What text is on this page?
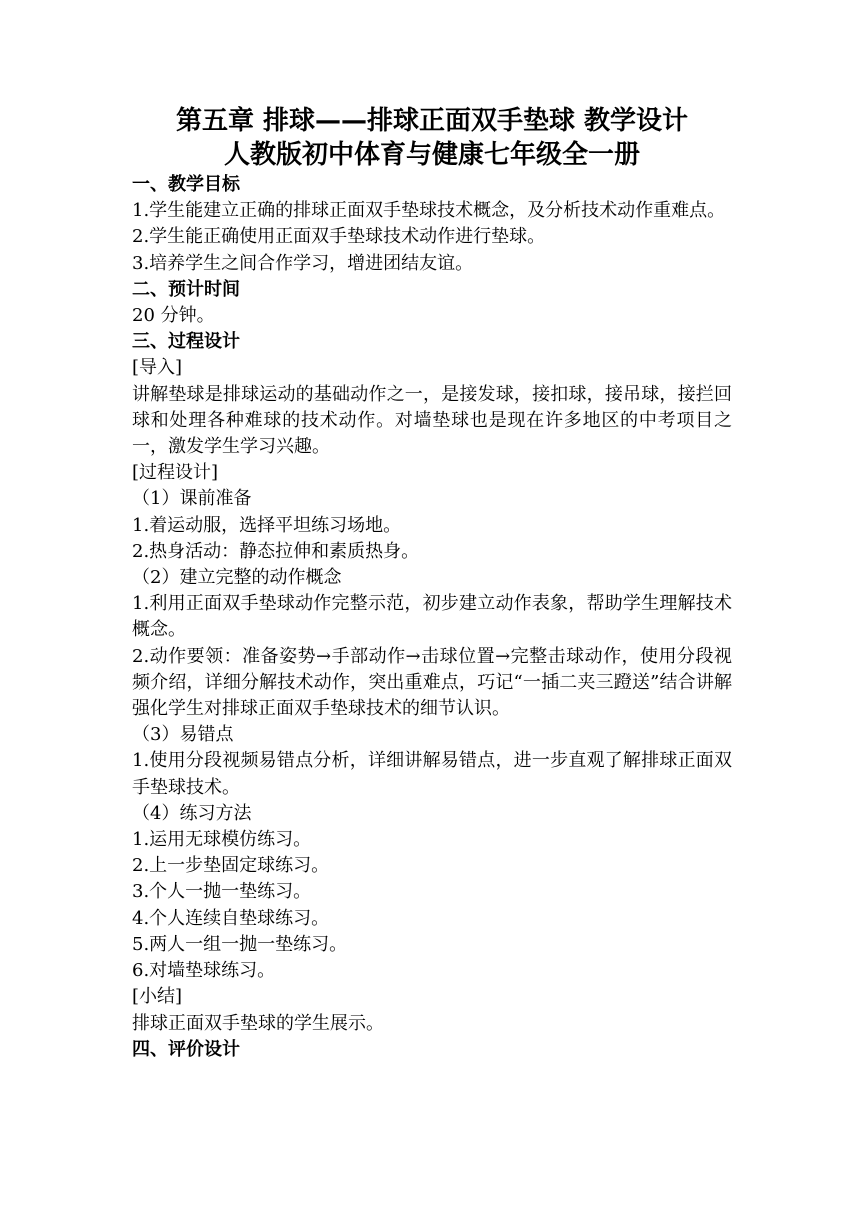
第五章 排球——排球正面双手垫球 教学设计

人教版初中体育与健康七年级全一册

一、教学目标

1.学生能建立正确的排球正面双手垫球技术概念，及分析技术动作重难点。

2.学生能正确使用正面双手垫球技术动作进行垫球。

3.培养学生之间合作学习，增进团结友谊。

二、预计时间

20 分钟。

三、过程设计

[导入]

讲解垫球是排球运动的基础动作之一，是接发球，接扣球，接吊球，接拦回球和处理各种难球的技术动作。对墙垫球也是现在许多地区的中考项目之一，激发学生学习兴趣。

[过程设计]

（1）课前准备

1.着运动服，选择平坦练习场地。

2.热身活动：静态拉伸和素质热身。

（2）建立完整的动作概念

1.利用正面双手垫球动作完整示范，初步建立动作表象，帮助学生理解技术概念。

2.动作要领：准备姿势→手部动作→击球位置→完整击球动作，使用分段视频介绍，详细分解技术动作，突出重难点，巧记“一插二夹三蹬送”结合讲解强化学生对排球正面双手垫球技术的细节认识。

（3）易错点

1.使用分段视频易错点分析，详细讲解易错点，进一步直观了解排球正面双手垫球技术。

（4）练习方法

1.运用无球模仿练习。

2.上一步垫固定球练习。

3.个人一抛一垫练习。

4.个人连续自垫球练习。

5.两人一组一抛一垫练习。

6.对墙垫球练习。

[小结]

排球正面双手垫球的学生展示。

四、评价设计
